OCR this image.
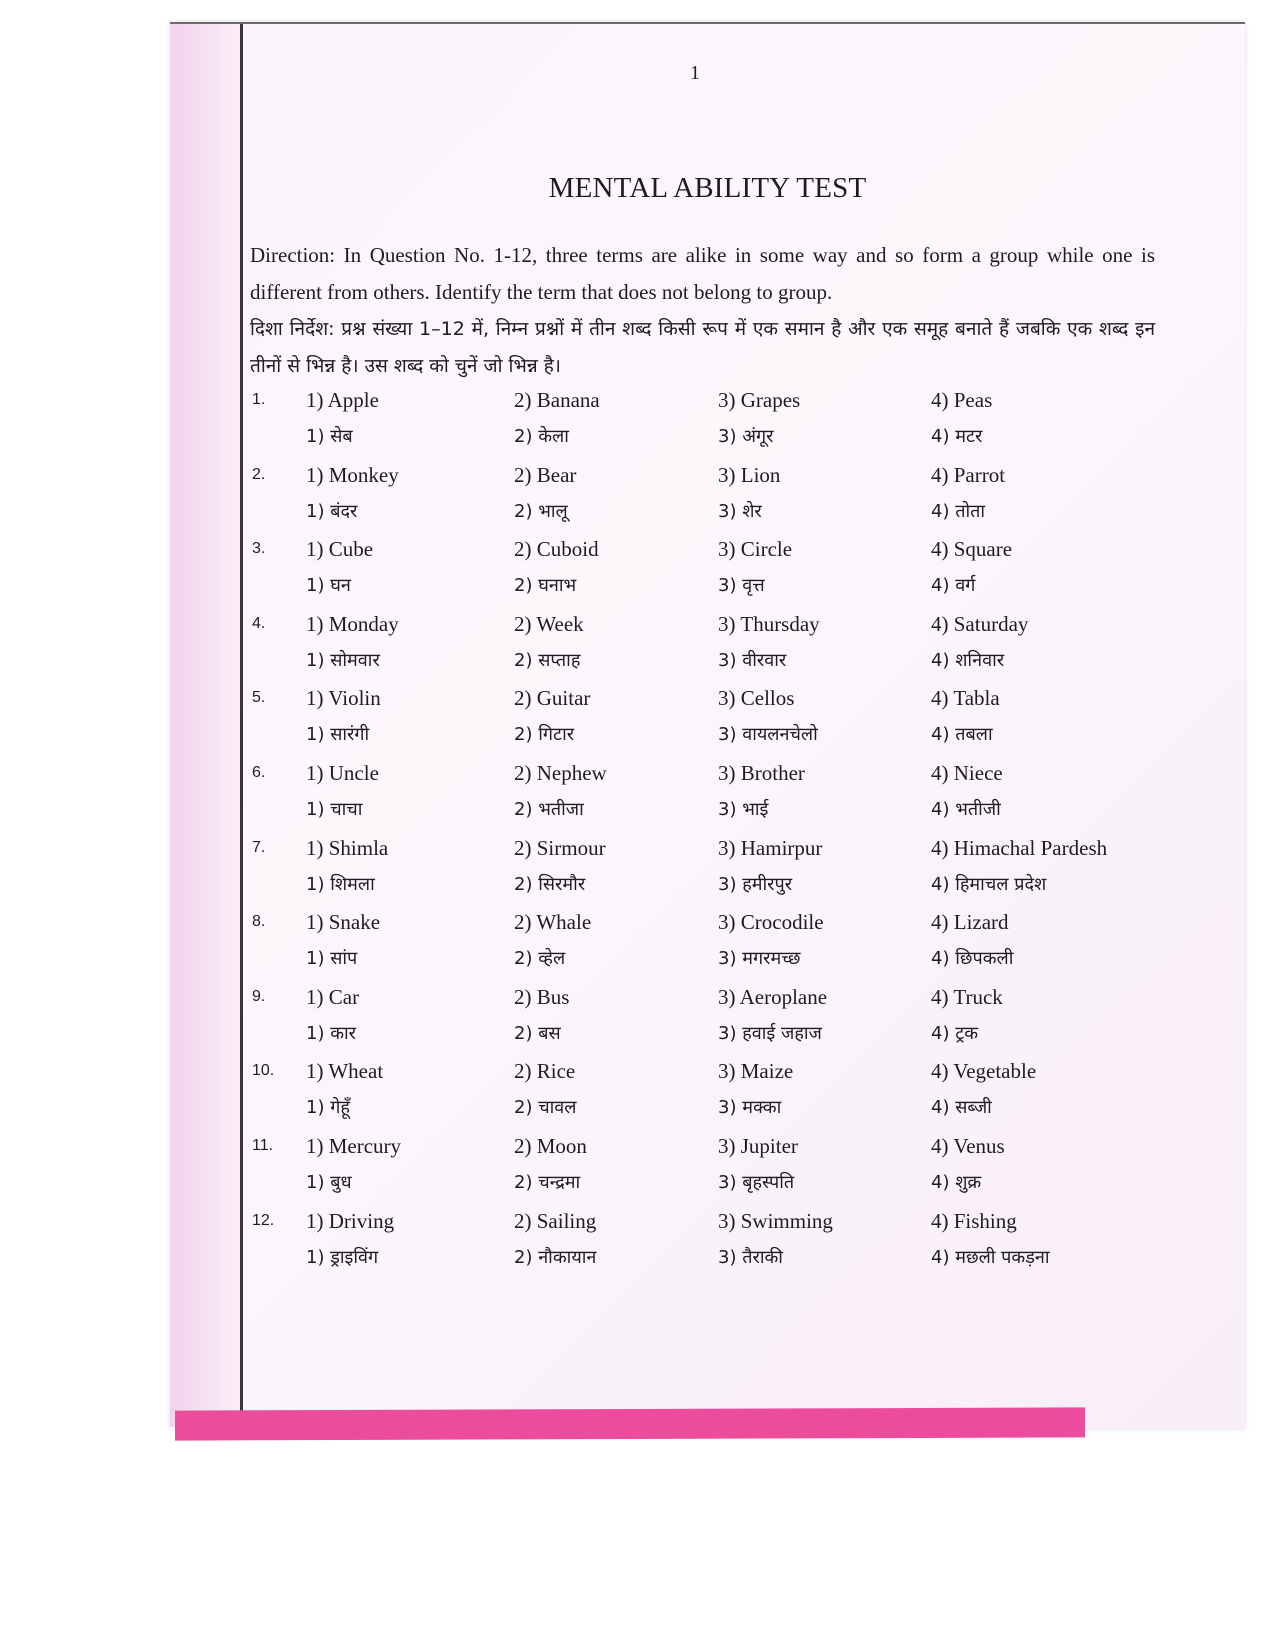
1
MENTAL ABILITY TEST
Direction: In Question No. 1-12, three terms are alike in some way and so form a group while one is different from others. Identify the term that does not belong to group.
दिशा निर्देश: प्रश्न संख्या 1–12 में, निम्न प्रश्नों में तीन शब्द किसी रूप में एक समान है और एक समूह बनाते हैं जबकि एक शब्द इन तीनों से भिन्न है। उस शब्द को चुनें जो भिन्न है।
1. 1) Apple	2) Banana	3) Grapes	4) Peas
1) सेब	2) केला	3) अंगूर	4) मटर
2. 1) Monkey	2) Bear	3) Lion	4) Parrot
1) बंदर	2) भालू	3) शेर	4) तोता
3. 1) Cube	2) Cuboid	3) Circle	4) Square
1) घन	2) घनाभ	3) वृत्त	4) वर्ग
4. 1) Monday	2) Week	3) Thursday	4) Saturday
1) सोमवार	2) सप्ताह	3) वीरवार	4) शनिवार
5. 1) Violin	2) Guitar	3) Cellos	4) Tabla
1) सारंगी	2) गिटार	3) वायलनचेलो	4) तबला
6. 1) Uncle	2) Nephew	3) Brother	4) Niece
1) चाचा	2) भतीजा	3) भाई	4) भतीजी
7. 1) Shimla	2) Sirmour	3) Hamirpur	4) Himachal Pardesh
1) शिमला	2) सिरमौर	3) हमीरपुर	4) हिमाचल प्रदेश
8. 1) Snake	2) Whale	3) Crocodile	4) Lizard
1) सांप	2) व्हेल	3) मगरमच्छ	4) छिपकली
9. 1) Car	2) Bus	3) Aeroplane	4) Truck
1) कार	2) बस	3) हवाई जहाज	4) ट्रक
10. 1) Wheat	2) Rice	3) Maize	4) Vegetable
1) गेहूँ	2) चावल	3) मक्का	4) सब्जी
11. 1) Mercury	2) Moon	3) Jupiter	4) Venus
1) बुध	2) चन्द्रमा	3) बृहस्पति	4) शुक्र
12. 1) Driving	2) Sailing	3) Swimming	4) Fishing
1) ड्राइविंग	2) नौकायान	3) तैराकी	4) मछली पकड़ना
